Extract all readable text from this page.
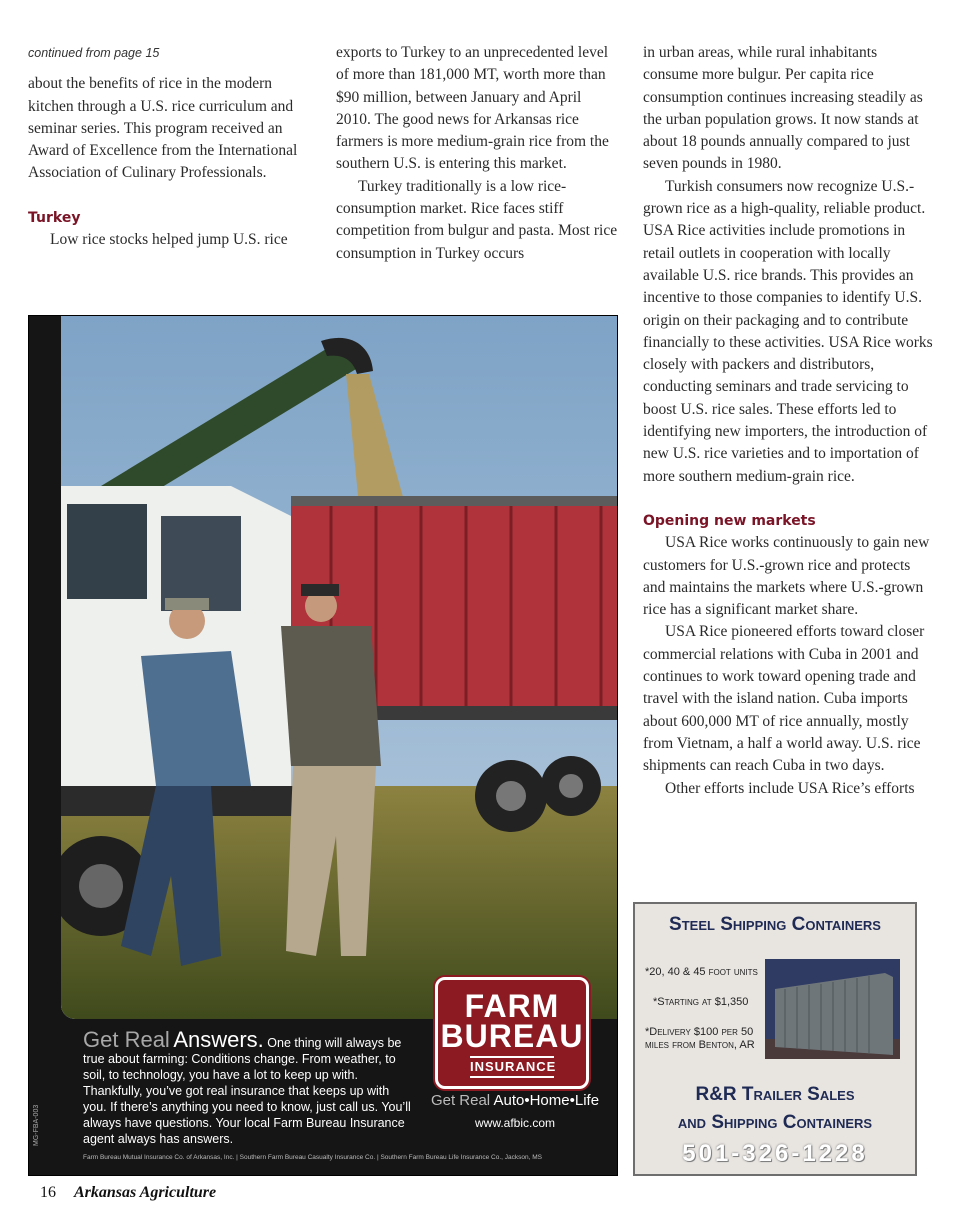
continued from page 15

about the benefits of rice in the modern kitchen through a U.S. rice curriculum and seminar series. This program received an Award of Excellence from the International Association of Culinary Professionals.

Turkey

Low rice stocks helped jump U.S. rice

exports to Turkey to an unprecedented level of more than 181,000 MT, worth more than $90 million, between January and April 2010. The good news for Arkansas rice farmers is more medium-grain rice from the southern U.S. is entering this market.

Turkey traditionally is a low rice-consumption market. Rice faces stiff competition from bulgur and pasta. Most rice consumption in Turkey occurs

in urban areas, while rural inhabitants consume more bulgur. Per capita rice consumption continues increasing steadily as the urban population grows. It now stands at about 18 pounds annually compared to just seven pounds in 1980.

Turkish consumers now recognize U.S.-grown rice as a high-quality, reliable product. USA Rice activities include promotions in retail outlets in cooperation with locally available U.S. rice brands. This provides an incentive to those companies to identify U.S. origin on their packaging and to contribute financially to these activities. USA Rice works closely with packers and distributors, conducting seminars and trade servicing to boost U.S. rice sales. These efforts led to identifying new importers, the introduction of new U.S. rice varieties and to importation of more southern medium-grain rice.

Opening new markets

USA Rice works continuously to gain new customers for U.S.-grown rice and protects and maintains the markets where U.S.-grown rice has a significant market share.

USA Rice pioneered efforts toward closer commercial relations with Cuba in 2001 and continues to work toward opening trade and travel with the island nation. Cuba imports about 600,000 MT of rice annually, mostly from Vietnam, a half a world away. U.S. rice shipments can reach Cuba in two days.

Other efforts include USA Rice’s efforts

FARM
BUREAU
INSURANCE
Get Real Answers. One thing will always be true about farming: Conditions change. From weather, to soil, to technology, you have a lot to keep up with. Thankfully, you’ve got real insurance that keeps up with you. If there’s anything you need to know, just call us. You’ll always have questions. Your local Farm Bureau Insurance agent always has answers.
Get Real Auto•Home•Life
www.afbic.com
Farm Bureau Mutual Insurance Co. of Arkansas, Inc. | Southern Farm Bureau Casualty Insurance Co. | Southern Farm Bureau Life Insurance Co., Jackson, MS
MG-FBA-003
Steel Shipping Containers
*20, 40 & 45 foot units
*Starting at $1,350
*Delivery $100 per 50 miles from Benton, AR
R&R Trailer Sales
and Shipping Containers
501-326-1228
16 Arkansas Agriculture
